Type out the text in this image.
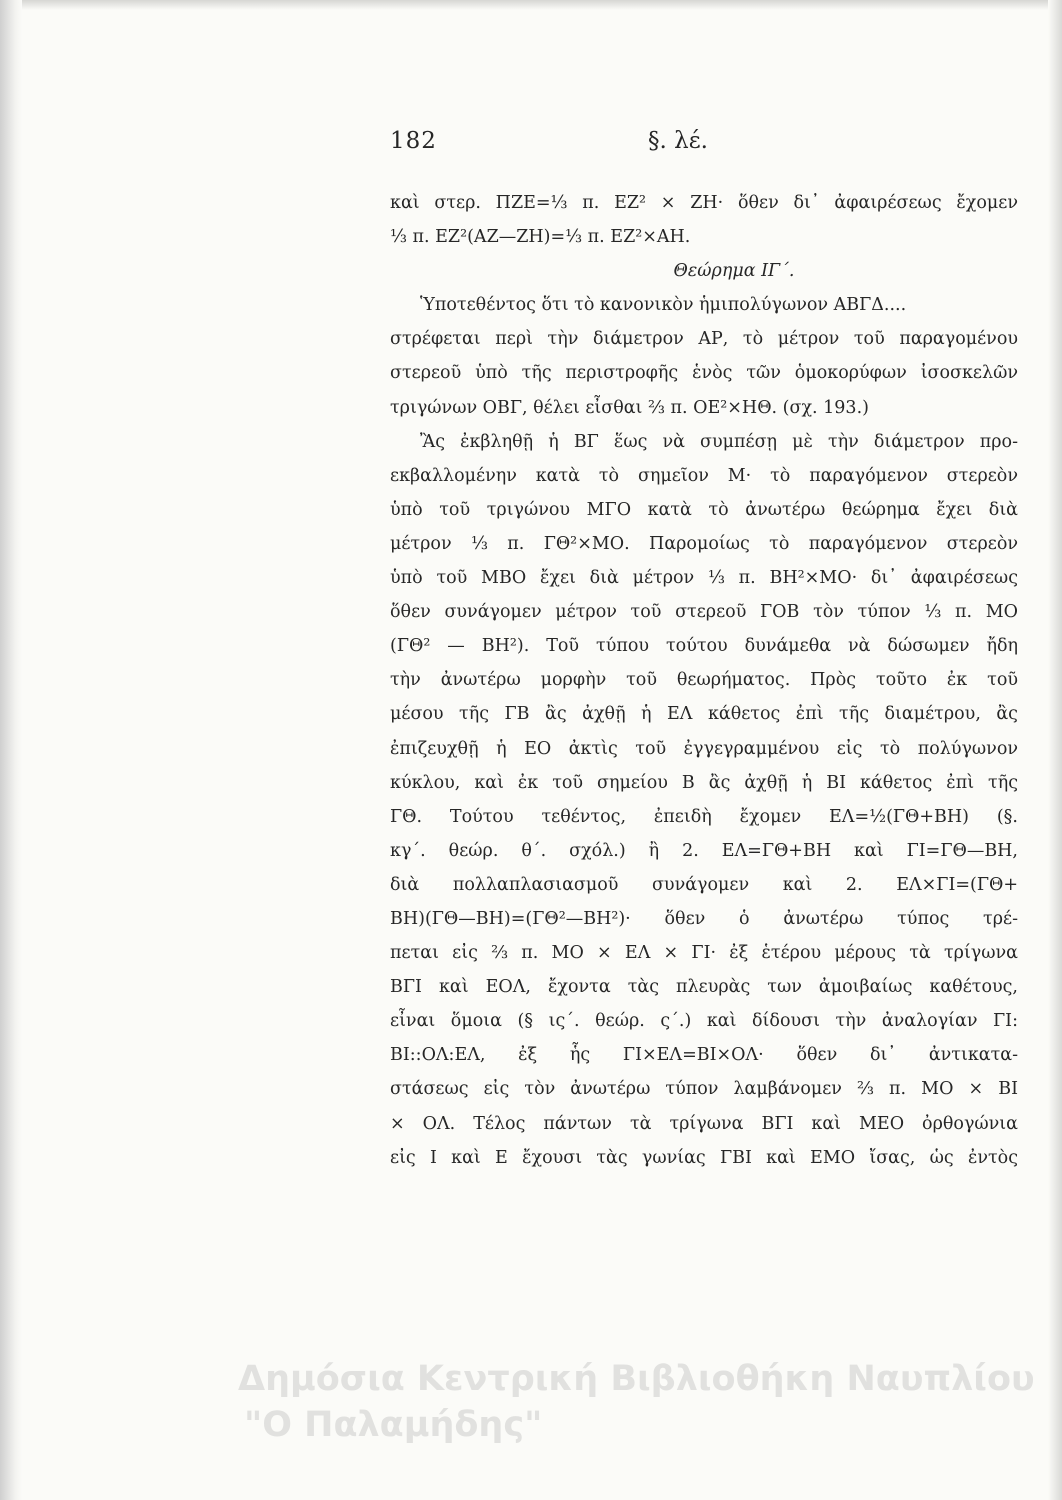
182	§. λέ.
καὶ στερ. ΠΖΕ=⅓ π. ΕΖ² × ΖΗ· ὅθεν δι᾽ ἀφαιρέσεως ἔχομεν
⅓ π. ΕΖ²(ΑΖ—ΖΗ)=⅓ π. ΕΖ²×ΑΗ.
Θεώρημα ΙΓ΄.
Ὑποτεθέντος ὅτι τὸ κανονικὸν ἡμιπολύγωνον ΑΒΓΔ....
στρέφεται περὶ τὴν διάμετρον ΑΡ, τὸ μέτρον τοῦ παραγομένου
στερεοῦ ὑπὸ τῆς περιστροφῆς ἑνὸς τῶν ὁμοκορύφων ἰσοσκελῶν
τριγώνων ΟΒΓ, θέλει εἶσθαι ⅔ π. ΟΕ²×ΗΘ. (σχ. 193.)
Ἂς ἐκβληθῇ ἡ ΒΓ ἕως νὰ συμπέσῃ μὲ τὴν διάμετρον προ-
εκβαλλομένην κατὰ τὸ σημεῖον Μ· τὸ παραγόμενον στερεὸν
ὑπὸ τοῦ τριγώνου ΜΓΟ κατὰ τὸ ἀνωτέρω θεώρημα ἔχει διὰ
μέτρον ⅓ π. ΓΘ²×ΜΟ. Παρομοίως τὸ παραγόμενον στερεὸν
ὑπὸ τοῦ ΜΒΟ ἔχει διὰ μέτρον ⅓ π. ΒΗ²×ΜΟ· δι᾽ ἀφαιρέσεως
ὅθεν συνάγομεν μέτρον τοῦ στερεοῦ ΓΟΒ τὸν τύπον ⅓ π. ΜΟ
(ΓΘ² — ΒΗ²). Τοῦ τύπου τούτου δυνάμεθα νὰ δώσωμεν ἤδη
τὴν ἀνωτέρω μορφὴν τοῦ θεωρήματος. Πρὸς τοῦτο ἐκ τοῦ
μέσου τῆς ΓΒ ἂς ἀχθῇ ἡ ΕΛ κάθετος ἐπὶ τῆς διαμέτρου, ἂς
ἐπιζευχθῇ ἡ ΕΟ ἀκτὶς τοῦ ἐγγεγραμμένου εἰς τὸ πολύγωνον
κύκλου, καὶ ἐκ τοῦ σημείου Β ἂς ἀχθῇ ἡ ΒΙ κάθετος ἐπὶ τῆς
ΓΘ. Τούτου τεθέντος, ἐπειδὴ ἔχομεν ΕΛ=½(ΓΘ+ΒΗ) (§.
κγ΄. θεώρ. θ΄. σχόλ.) ἢ 2. ΕΛ=ΓΘ+ΒΗ καὶ ΓΙ=ΓΘ—ΒΗ,
διὰ πολλαπλασιασμοῦ συνάγομεν καὶ 2. ΕΛ×ΓΙ=(ΓΘ+
ΒΗ)(ΓΘ—ΒΗ)=(ΓΘ²—ΒΗ²)· ὅθεν ὁ ἀνωτέρω τύπος τρέ-
πεται εἰς ⅔ π. ΜΟ × ΕΛ × ΓΙ· ἐξ ἑτέρου μέρους τὰ τρίγωνα
ΒΓΙ καὶ ΕΟΛ, ἔχοντα τὰς πλευρὰς των ἀμοιβαίως καθέτους,
εἶναι ὅμοια (§ ις΄. θεώρ. ς΄.) καὶ δίδουσι τὴν ἀναλογίαν ΓΙ:
ΒΙ::ΟΛ:ΕΛ, ἐξ ἧς ΓΙ×ΕΛ=ΒΙ×ΟΛ· ὅθεν δι᾽ ἀντικατα-
στάσεως εἰς τὸν ἀνωτέρω τύπον λαμβάνομεν ⅔ π. ΜΟ × ΒΙ
× ΟΛ. Τέλος πάντων τὰ τρίγωνα ΒΓΙ καὶ ΜΕΟ ὀρθογώνια
εἰς Ι καὶ Ε ἔχουσι τὰς γωνίας ΓΒΙ καὶ ΕΜΟ ἴσας, ὡς ἐντὸς
Δημόσια Κεντρική Βιβλιοθήκη Ναυπλίου
"Ο Παλαμήδης"
